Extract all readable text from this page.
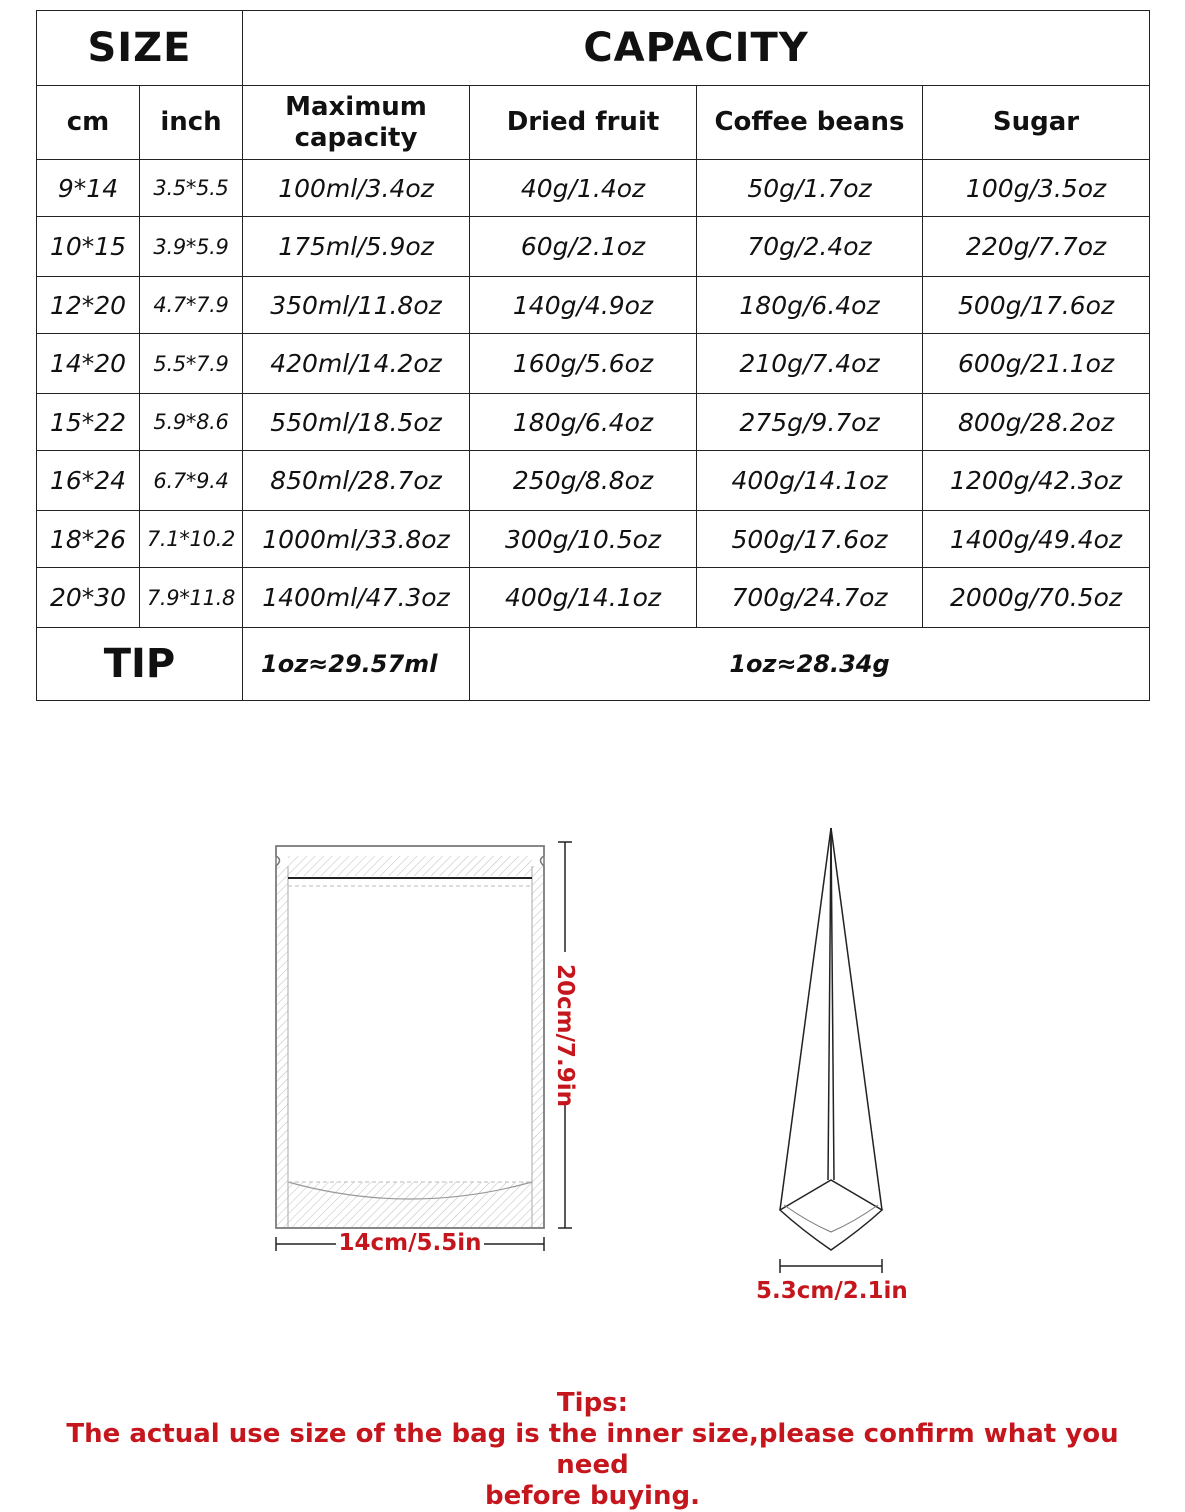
SIZE		CAPACITY			
cm	inch	Maximum capacity	Dried fruit	Coffee beans	Sugar
9*14	3.5*5.5	100ml/3.4oz	40g/1.4oz	50g/1.7oz	100g/3.5oz
10*15	3.9*5.9	175ml/5.9oz	60g/2.1oz	70g/2.4oz	220g/7.7oz
12*20	4.7*7.9	350ml/11.8oz	140g/4.9oz	180g/6.4oz	500g/17.6oz
14*20	5.5*7.9	420ml/14.2oz	160g/5.6oz	210g/7.4oz	600g/21.1oz
15*22	5.9*8.6	550ml/18.5oz	180g/6.4oz	275g/9.7oz	800g/28.2oz
16*24	6.7*9.4	850ml/28.7oz	250g/8.8oz	400g/14.1oz	1200g/42.3oz
18*26	7.1*10.2	1000ml/33.8oz	300g/10.5oz	500g/17.6oz	1400g/49.4oz
20*30	7.9*11.8	1400ml/47.3oz	400g/14.1oz	700g/24.7oz	2000g/70.5oz
TIP		1oz≈29.57ml	1oz≈28.34g		
20cm/7.9in
14cm/5.5in
5.3cm/2.1in
Tips:
The actual use size of the bag is the inner size,please confirm what you need
before buying.
